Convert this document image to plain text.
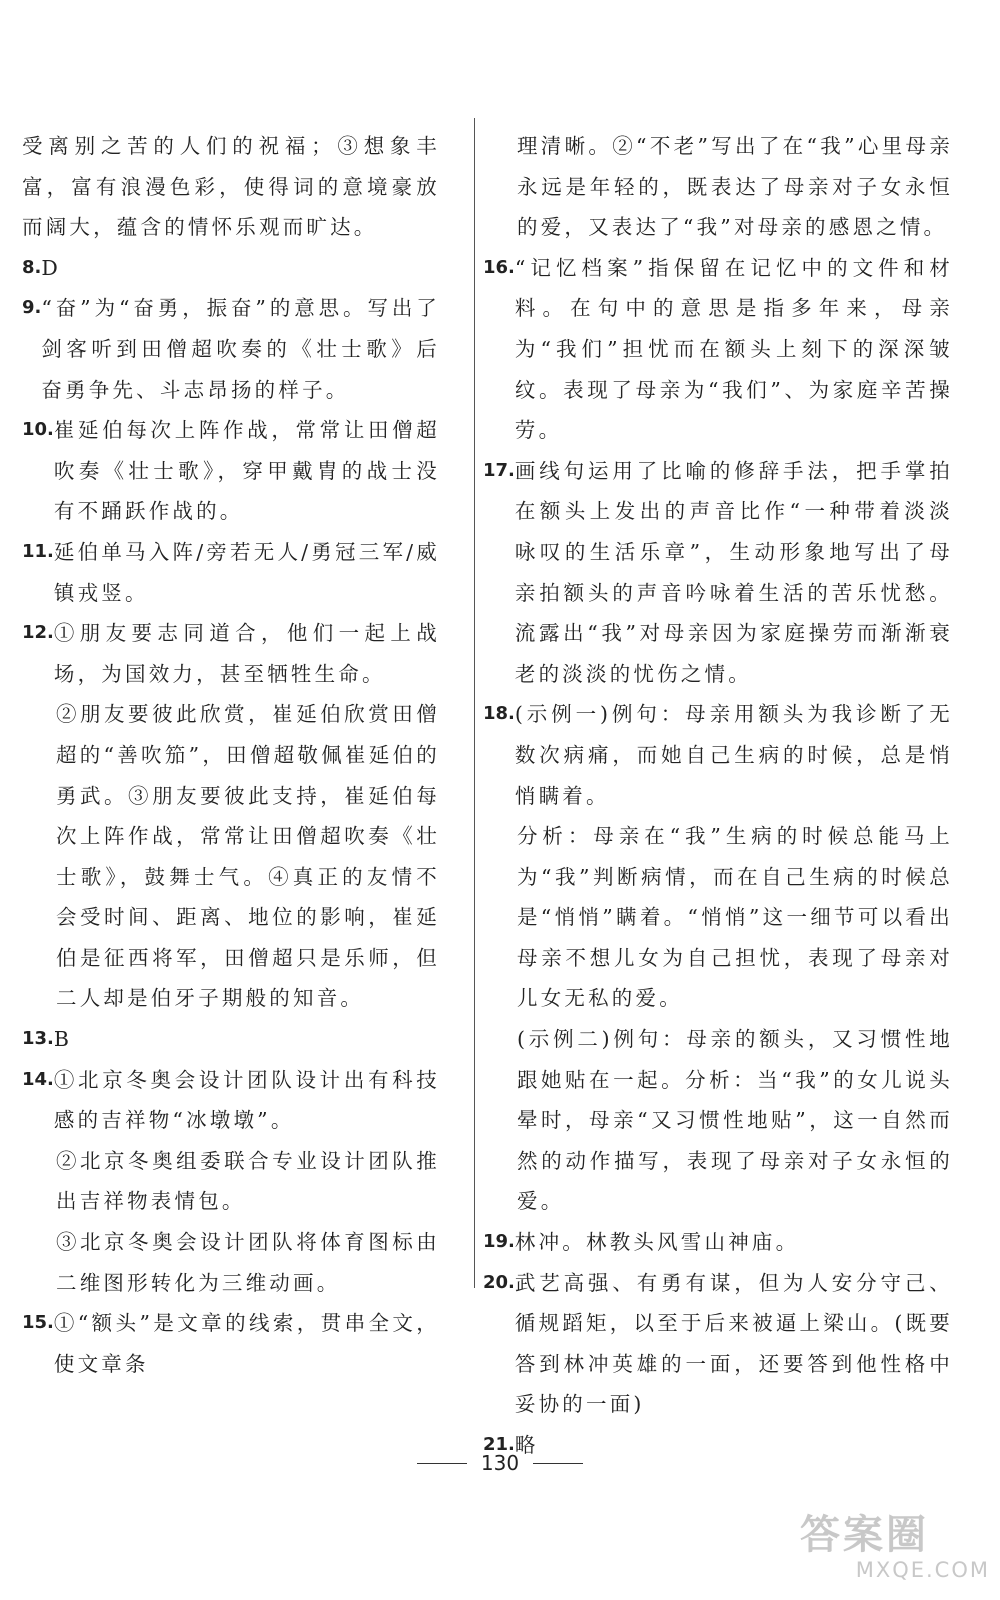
受离别之苦的人们的祝福；③想象丰富，富有浪漫色彩，使得词的意境豪放而阔大，蕴含的情怀乐观而旷达。

8. D
9. “奋”为“奋勇，振奋”的意思。写出了剑客听到田僧超吹奏的《壮士歌》后奋勇争先、斗志昂扬的样子。
10. 崔延伯每次上阵作战，常常让田僧超吹奏《壮士歌》，穿甲戴胄的战士没有不踊跃作战的。
11. 延伯单马入阵/旁若无人/勇冠三军/威镇戎竖。
12. ①朋友要志同道合，他们一起上战场，为国效力，甚至牺牲生命。
②朋友要彼此欣赏，崔延伯欣赏田僧超的“善吹笳”，田僧超敬佩崔延伯的勇武。③朋友要彼此支持，崔延伯每次上阵作战，常常让田僧超吹奏《壮士歌》，鼓舞士气。④真正的友情不会受时间、距离、地位的影响，崔延伯是征西将军，田僧超只是乐师，但二人却是伯牙子期般的知音。
13. B
14. ①北京冬奥会设计团队设计出有科技感的吉祥物“冰墩墩”。
②北京冬奥组委联合专业设计团队推出吉祥物表情包。
③北京冬奥会设计团队将体育图标由二维图形转化为三维动画。
15. ①“额头”是文章的线索，贯串全文，使文章条
理清晰。②“不老”写出了在“我”心里母亲永远是年轻的，既表达了母亲对子女永恒的爱，又表达了“我”对母亲的感恩之情。
16. “记忆档案”指保留在记忆中的文件和材料。在句中的意思是指多年来，母亲为“我们”担忧而在额头上刻下的深深皱纹。表现了母亲为“我们”、为家庭辛苦操劳。
17. 画线句运用了比喻的修辞手法，把手掌拍在额头上发出的声音比作“一种带着淡淡咏叹的生活乐章”，生动形象地写出了母亲拍额头的声音吟咏着生活的苦乐忧愁。流露出“我”对母亲因为家庭操劳而渐渐衰老的淡淡的忧伤之情。
18. (示例一)例句：母亲用额头为我诊断了无数次病痛，而她自己生病的时候，总是悄悄瞒着。
分析：母亲在“我”生病的时候总能马上为“我”判断病情，而在自己生病的时候总是“悄悄”瞒着。“悄悄”这一细节可以看出母亲不想儿女为自己担忧，表现了母亲对儿女无私的爱。
(示例二)例句：母亲的额头，又习惯性地跟她贴在一起。分析：当“我”的女儿说头晕时，母亲“又习惯性地贴”，这一自然而然的动作描写，表现了母亲对子女永恒的爱。
19. 林冲。林教头风雪山神庙。
20. 武艺高强、有勇有谋，但为人安分守己、循规蹈矩，以至于后来被逼上梁山。(既要答到林冲英雄的一面，还要答到他性格中妥协的一面)
21. 略
130
答案圈
MXQE.COM
